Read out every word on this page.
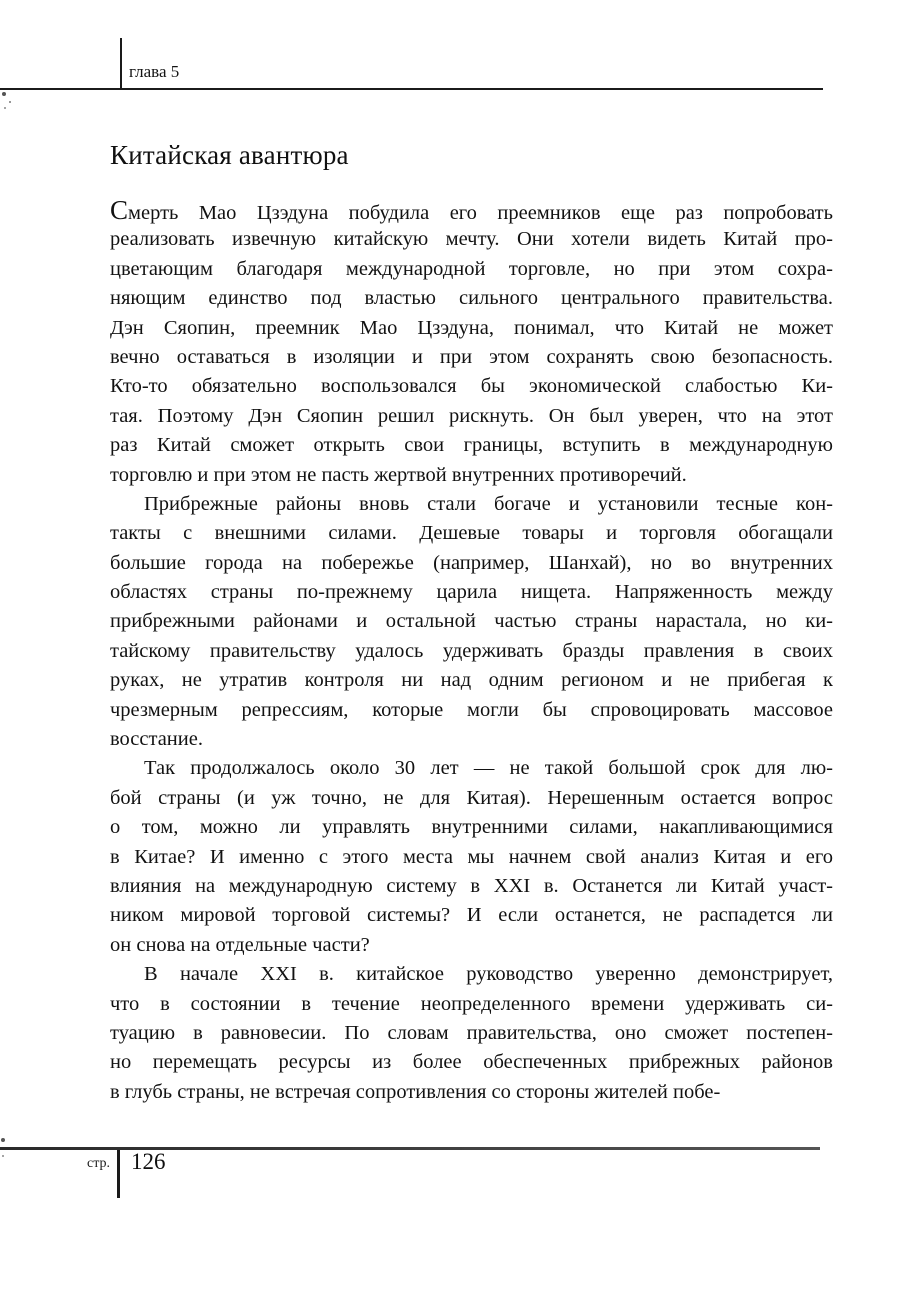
глава 5
Китайская авантюра
Смерть Мао Цзэдуна побудила его преемников еще раз попробовать
реализовать извечную китайскую мечту. Они хотели видеть Китай про-
цветающим благодаря международной торговле, но при этом сохра-
няющим единство под властью сильного центрального правительства.
Дэн Сяопин, преемник Мао Цзэдуна, понимал, что Китай не может
вечно оставаться в изоляции и при этом сохранять свою безопасность.
Кто-то обязательно воспользовался бы экономической слабостью Ки-
тая. Поэтому Дэн Сяопин решил рискнуть. Он был уверен, что на этот
раз Китай сможет открыть свои границы, вступить в международную
торговлю и при этом не пасть жертвой внутренних противоречий.
Прибрежные районы вновь стали богаче и установили тесные кон-
такты с внешними силами. Дешевые товары и торговля обогащали
большие города на побережье (например, Шанхай), но во внутренних
областях страны по-прежнему царила нищета. Напряженность между
прибрежными районами и остальной частью страны нарастала, но ки-
тайскому правительству удалось удерживать бразды правления в своих
руках, не утратив контроля ни над одним регионом и не прибегая к
чрезмерным репрессиям, которые могли бы спровоцировать массовое
восстание.
Так продолжалось около 30 лет — не такой большой срок для лю-
бой страны (и уж точно, не для Китая). Нерешенным остается вопрос
о том, можно ли управлять внутренними силами, накапливающимися
в Китае? И именно с этого места мы начнем свой анализ Китая и его
влияния на международную систему в XXI в. Останется ли Китай участ-
ником мировой торговой системы? И если останется, не распадется ли
он снова на отдельные части?
В начале XXI в. китайское руководство уверенно демонстрирует,
что в состоянии в течение неопределенного времени удерживать си-
туацию в равновесии. По словам правительства, оно сможет постепен-
но перемещать ресурсы из более обеспеченных прибрежных районов
в глубь страны, не встречая сопротивления со стороны жителей побе-
стр. 126
